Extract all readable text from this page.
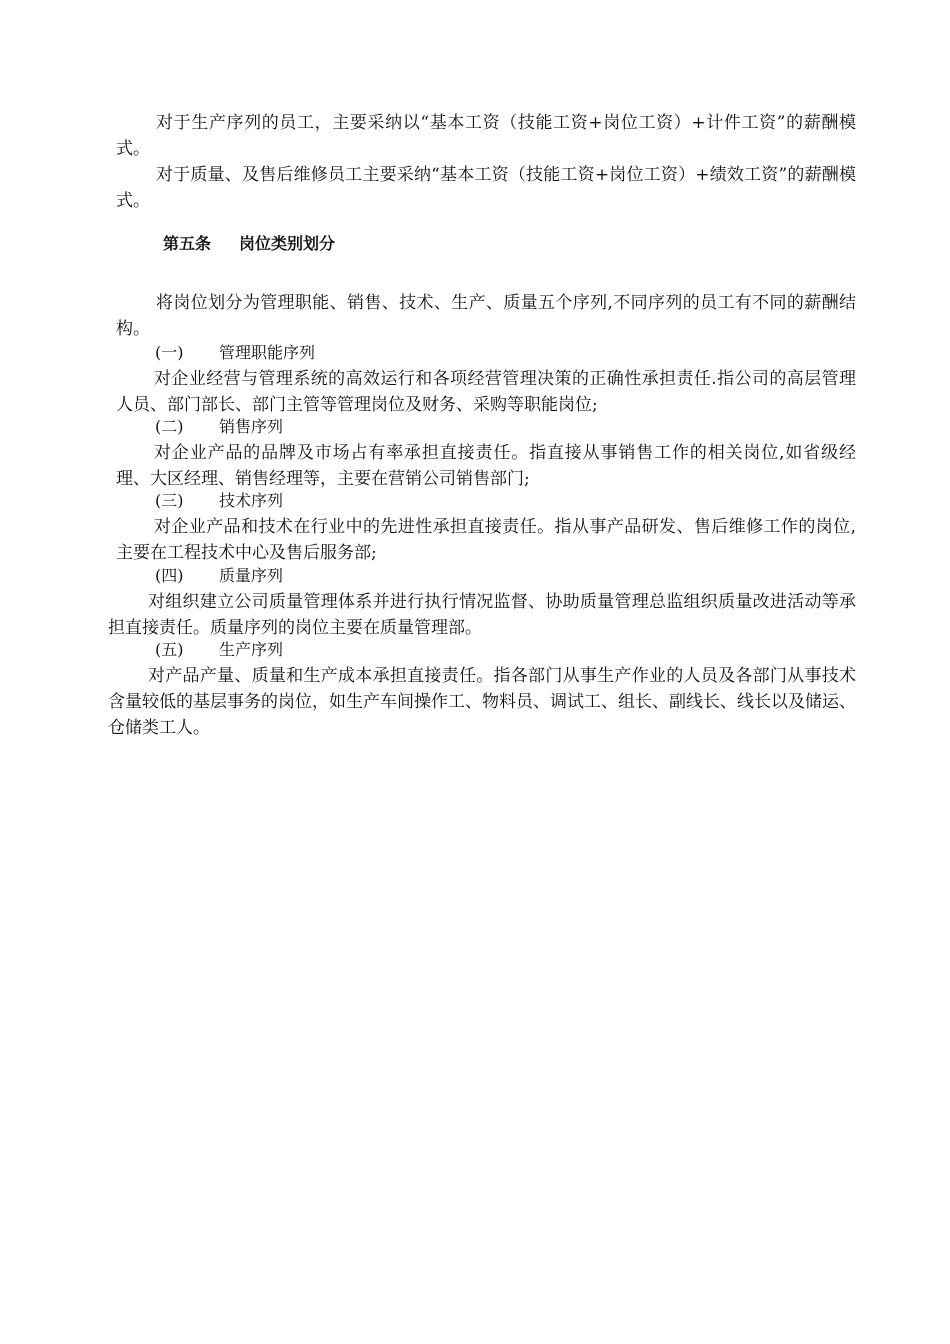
对于生产序列的员工，主要采纳以“基本工资（技能工资+岗位工资）+计件工资”的薪酬模式。
对于质量、及售后维修员工主要采纳“基本工资（技能工资+岗位工资）+绩效工资”的薪酬模式。
第五条 岗位类别划分
将岗位划分为管理职能、销售、技术、生产、质量五个序列,不同序列的员工有不同的薪酬结构。
(一) 管理职能序列
对企业经营与管理系统的高效运行和各项经营管理决策的正确性承担责任.指公司的高层管理人员、部门部长、部门主管等管理岗位及财务、采购等职能岗位;
(二) 销售序列
对企业产品的品牌及市场占有率承担直接责任。指直接从事销售工作的相关岗位,如省级经理、大区经理、销售经理等，主要在营销公司销售部门;
(三) 技术序列
对企业产品和技术在行业中的先进性承担直接责任。指从事产品研发、售后维修工作的岗位,主要在工程技术中心及售后服务部;
(四) 质量序列
对组织建立公司质量管理体系并进行执行情况监督、协助质量管理总监组织质量改进活动等承担直接责任。质量序列的岗位主要在质量管理部。
(五) 生产序列
对产品产量、质量和生产成本承担直接责任。指各部门从事生产作业的人员及各部门从事技术含量较低的基层事务的岗位，如生产车间操作工、物料员、调试工、组长、副线长、线长以及储运、仓储类工人。
